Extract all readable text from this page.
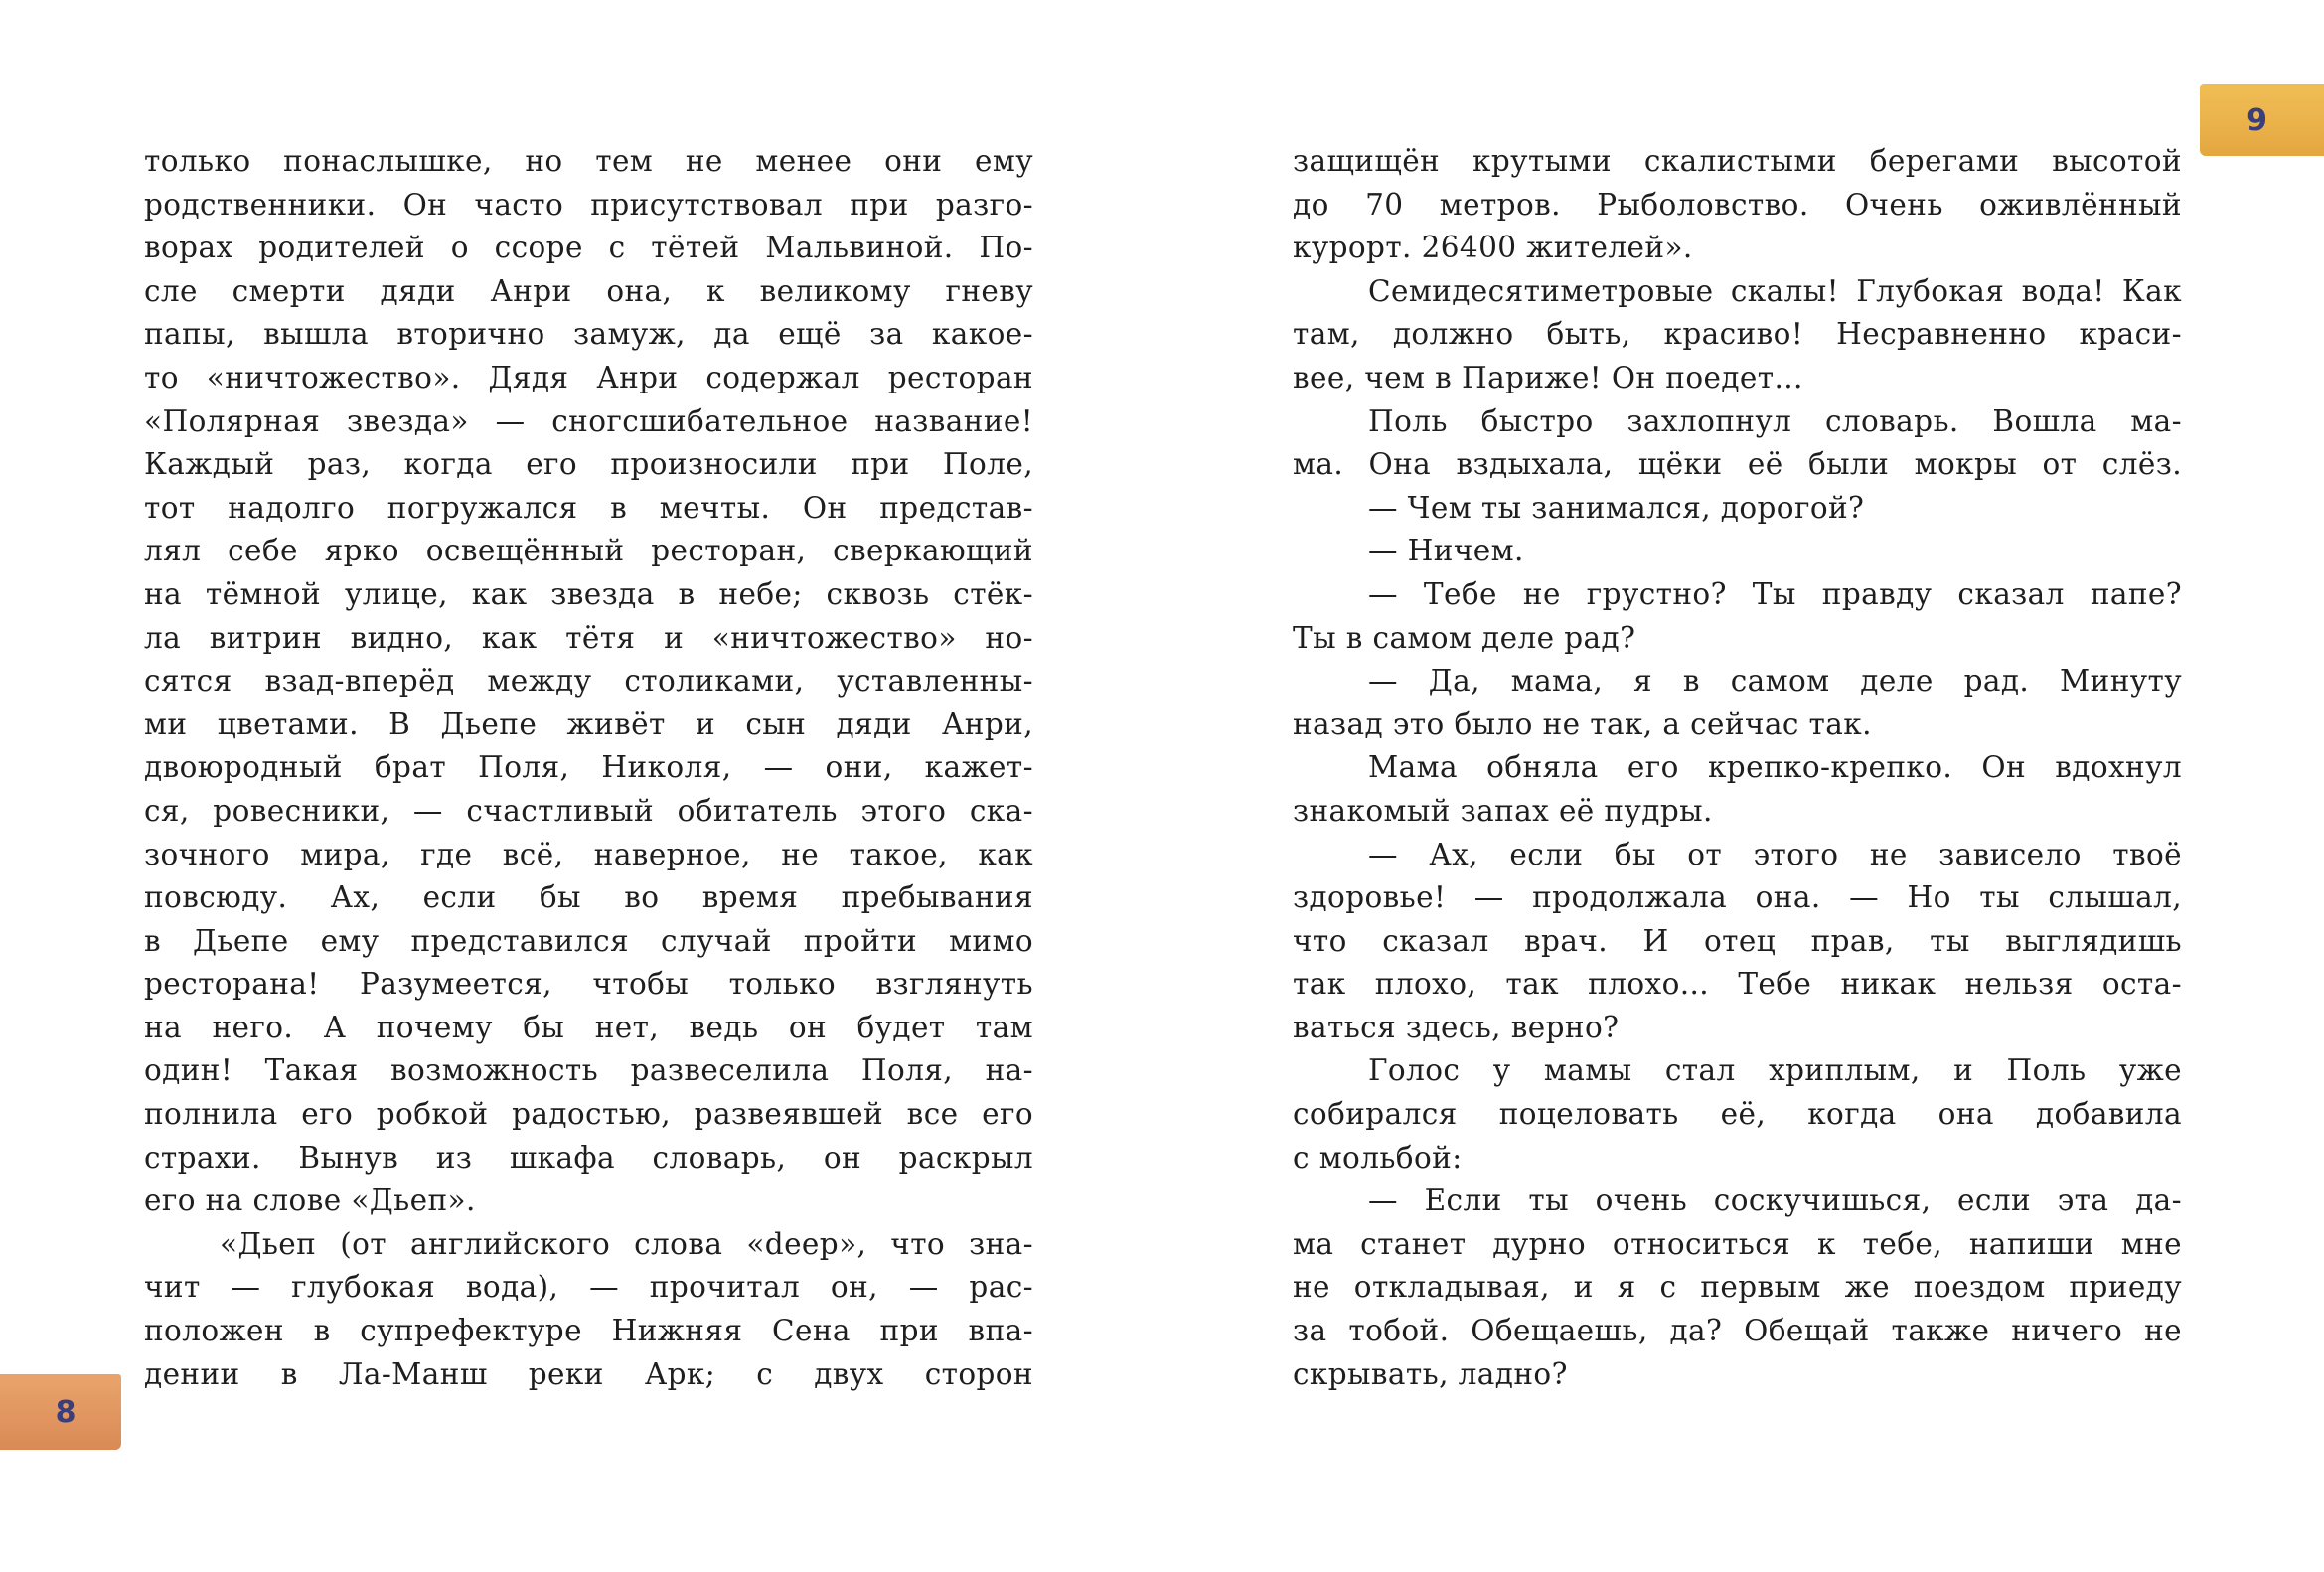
только понаслышке, но тем не менее они ему
родственники. Он часто присутствовал при разго-
ворах родителей о ссоре с тётей Мальвиной. По-
сле смерти дяди Анри она, к великому гневу
папы, вышла вторично замуж, да ещё за какое-
то «ничтожество». Дядя Анри содержал ресторан
«Полярная звезда» — сногсшибательное название!
Каждый раз, когда его произносили при Поле,
тот надолго погружался в мечты. Он представ-
лял себе ярко освещённый ресторан, сверкающий
на тёмной улице, как звезда в небе; сквозь стёк-
ла витрин видно, как тётя и «ничтожество» но-
сятся взад-вперёд между столиками, уставленны-
ми цветами. В Дьепе живёт и сын дяди Анри,
двоюродный брат Поля, Николя, — они, кажет-
ся, ровесники, — счастливый обитатель этого ска-
зочного мира, где всё, наверное, не такое, как
повсюду. Ах, если бы во время пребывания
в Дьепе ему представился случай пройти мимо
ресторана! Разумеется, чтобы только взглянуть
на него. А почему бы нет, ведь он будет там
один! Такая возможность развеселила Поля, на-
полнила его робкой радостью, развеявшей все его
страхи. Вынув из шкафа словарь, он раскрыл
его на слове «Дьеп».
«Дьеп (от английского слова «deep», что зна-
чит — глубокая вода), — прочитал он, — рас-
положен в супрефектуре Нижняя Сена при впа-
дении в Ла-Манш реки Арк; с двух сторон
8
защищён крутыми скалистыми берегами высотой
до 70 метров. Рыболовство. Очень оживлённый
курорт. 26400 жителей».
Семидесятиметровые скалы! Глубокая вода! Как
там, должно быть, красиво! Несравненно краси-
вее, чем в Париже! Он поедет...
Поль быстро захлопнул словарь. Вошла ма-
ма. Она вздыхала, щёки её были мокры от слёз.
— Чем ты занимался, дорогой?
— Ничем.
— Тебе не грустно? Ты правду сказал папе?
Ты в самом деле рад?
— Да, мама, я в самом деле рад. Минуту
назад это было не так, а сейчас так.
Мама обняла его крепко-крепко. Он вдохнул
знакомый запах её пудры.
— Ах, если бы от этого не зависело твоё
здоровье! — продолжала она. — Но ты слышал,
что сказал врач. И отец прав, ты выглядишь
так плохо, так плохо... Тебе никак нельзя оста-
ваться здесь, верно?
Голос у мамы стал хриплым, и Поль уже
собирался поцеловать её, когда она добавила
с мольбой:
— Если ты очень соскучишься, если эта да-
ма станет дурно относиться к тебе, напиши мне
не откладывая, и я с первым же поездом приеду
за тобой. Обещаешь, да? Обещай также ничего не
скрывать, ладно?
9
